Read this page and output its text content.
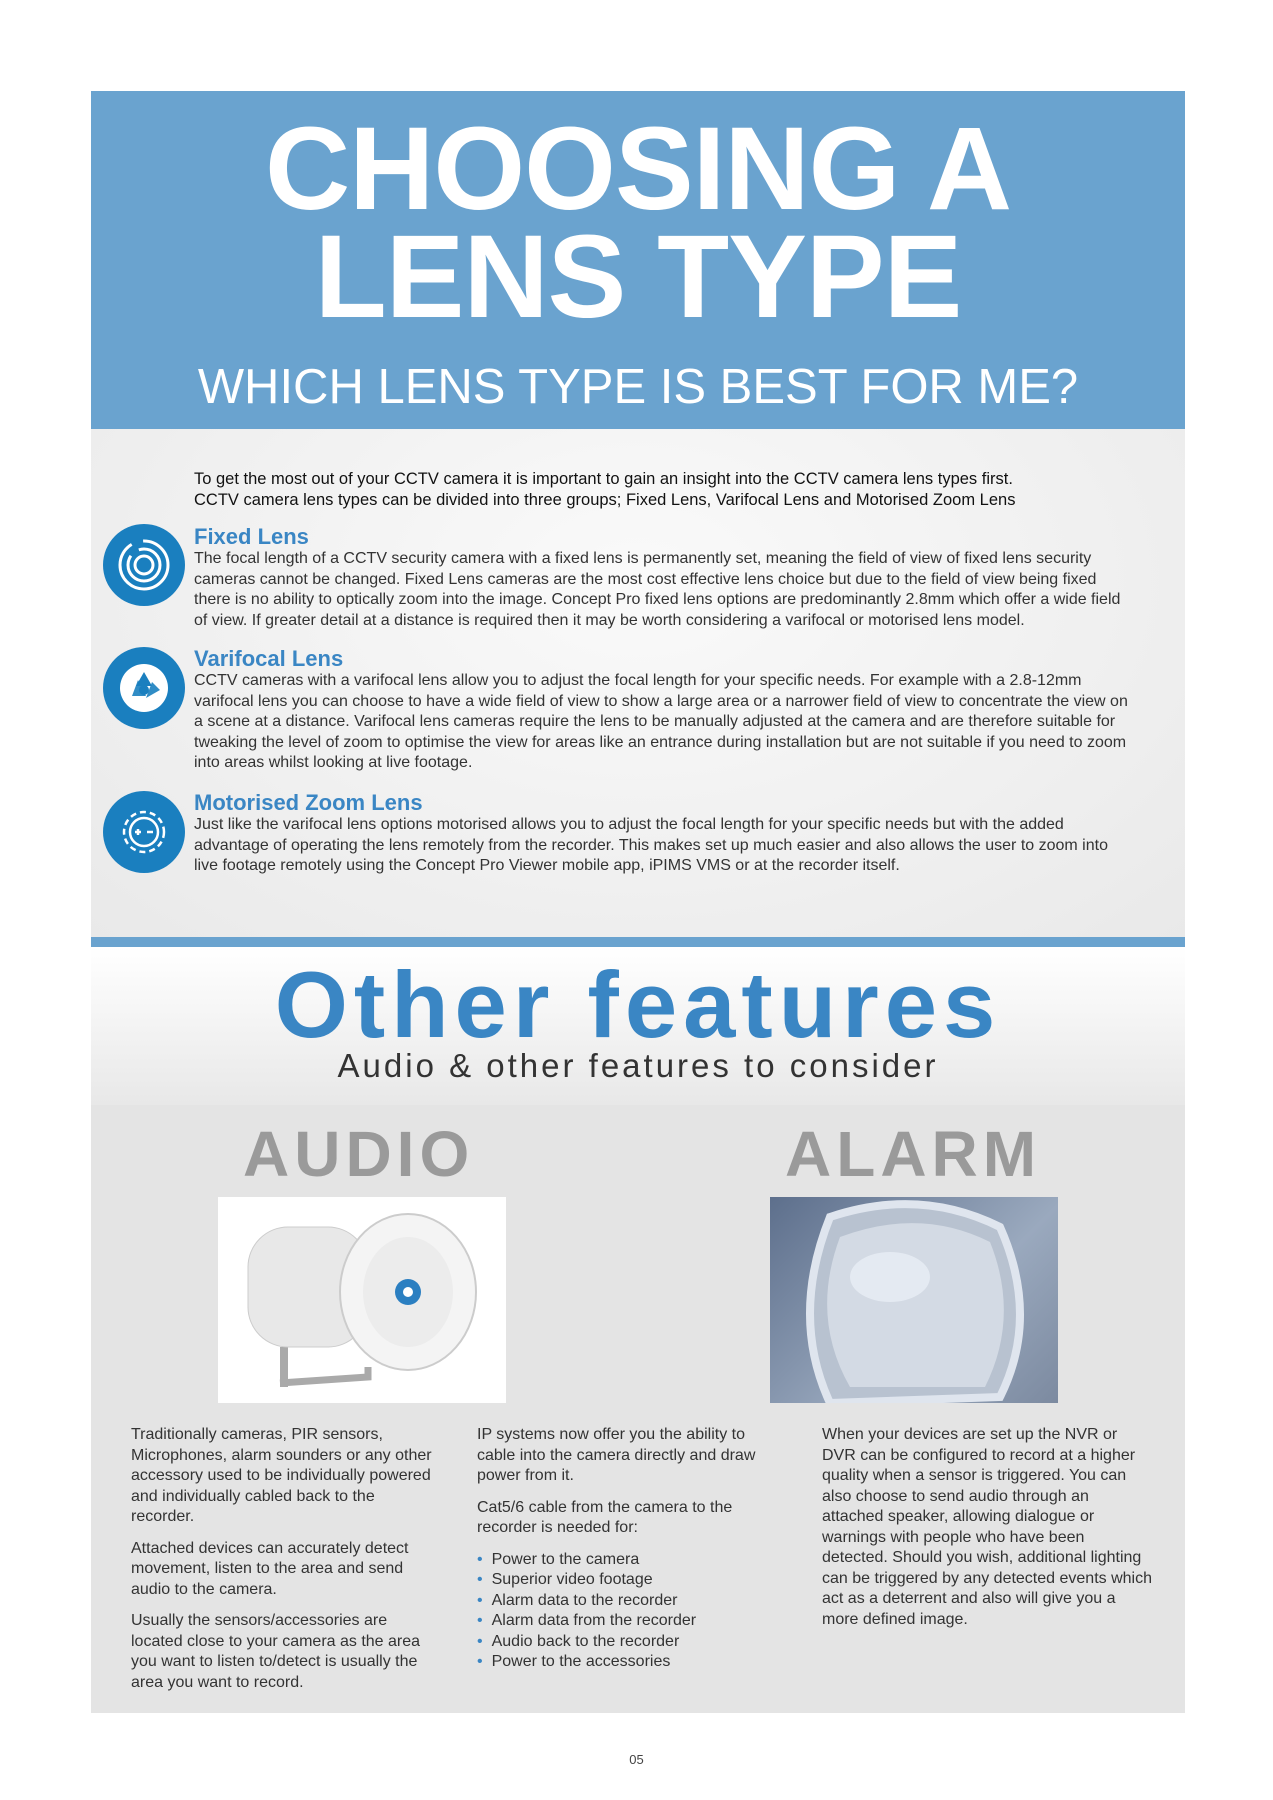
CHOOSING A
LENS TYPE
WHICH LENS TYPE IS BEST FOR ME?
To get the most out of your CCTV camera it is important to gain an insight into the CCTV camera lens types first.
CCTV camera lens types can be divided into three groups; Fixed Lens, Varifocal Lens and Motorised Zoom Lens
Fixed Lens

The focal length of a CCTV security camera with a fixed lens is permanently set, meaning the field of view of fixed lens security cameras cannot be changed. Fixed Lens cameras are the most cost effective lens choice but due to the field of view being fixed there is no ability to optically zoom into the image. Concept Pro fixed lens options are predominantly 2.8mm which offer a wide field of view. If greater detail at a distance is required then it may be worth considering a varifocal or motorised lens model.

Varifocal Lens

CCTV cameras with a varifocal lens allow you to adjust the focal length for your specific needs. For example with a 2.8-12mm varifocal lens you can choose to have a wide field of view to show a large area or a narrower field of view to concentrate the view on a scene at a distance. Varifocal lens cameras require the lens to be manually adjusted at the camera and are therefore suitable for tweaking the level of zoom to optimise the view for areas like an entrance during installation but are not suitable if you need to zoom into areas whilst looking at live footage.

Motorised Zoom Lens

Just like the varifocal lens options motorised allows you to adjust the focal length for your specific needs but with the added advantage of operating the lens remotely from the recorder. This makes set up much easier and also allows the user to zoom into live footage remotely using the Concept Pro Viewer mobile app, iPIMS VMS or at the recorder itself.

Other features

Audio & other features to consider

AUDIO	ALARM

Traditionally cameras, PIR sensors, Microphones, alarm sounders or any other accessory used to be individually powered and individually cabled back to the recorder.

Attached devices can accurately detect movement, listen to the area and send audio to the camera.

Usually the sensors/accessories are located close to your camera as the area you want to listen to/detect is usually the area you want to record.

IP systems now offer you the ability to cable into the camera directly and draw power from it.

Cat5/6 cable from the camera to the recorder is needed for:

• Power to the camera
• Superior video footage
• Alarm data to the recorder
• Alarm data from the recorder
• Audio back to the recorder
• Power to the accessories

When your devices are set up the NVR or DVR can be configured to record at a higher quality when a sensor is triggered. You can also choose to send audio through an attached speaker, allowing dialogue or warnings with people who have been detected. Should you wish, additional lighting can be triggered by any detected events which act as a deterrent and also will give you a more defined image.

05
